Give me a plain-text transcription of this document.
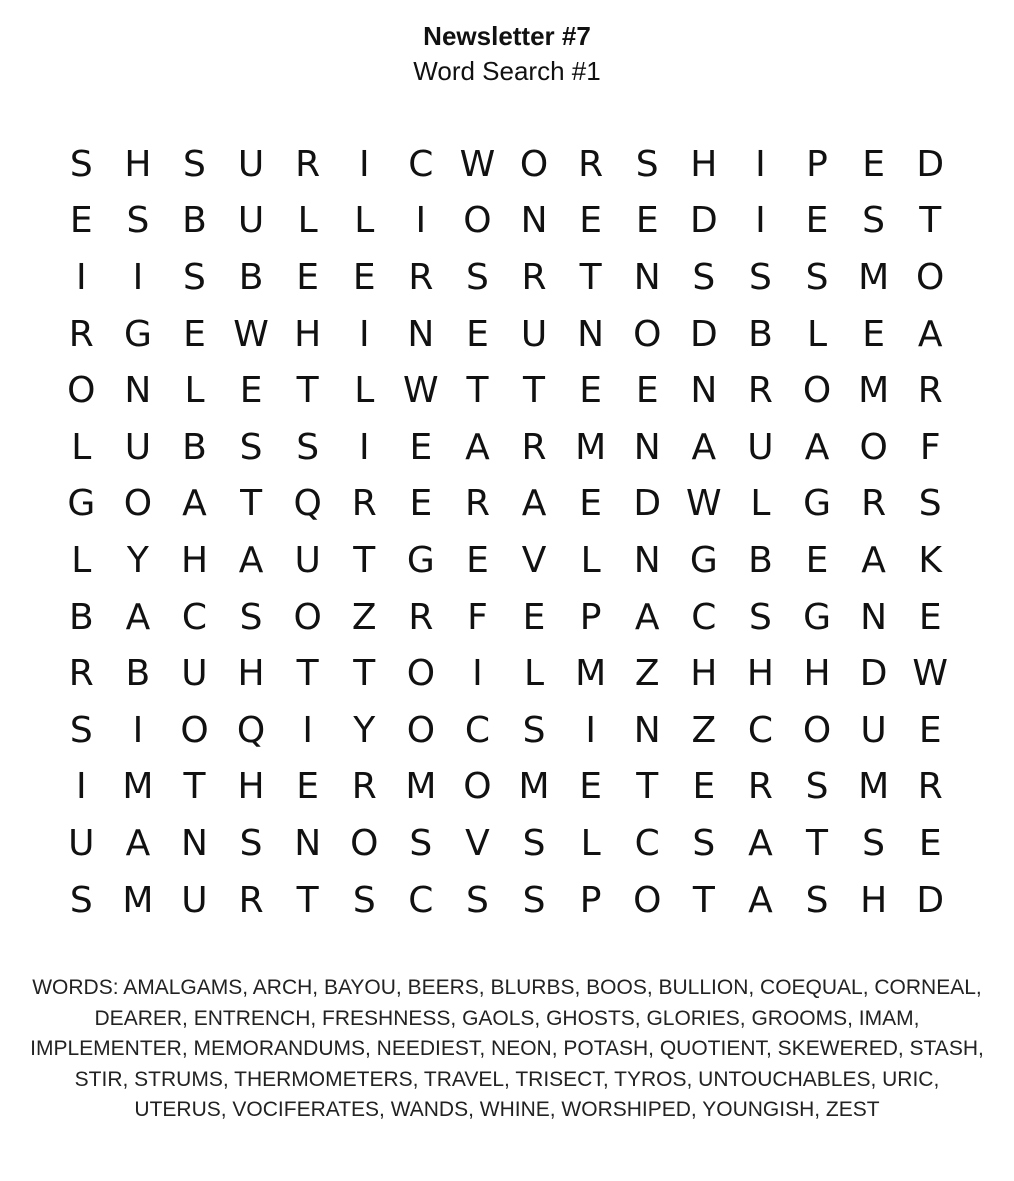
Newsletter #7
Word Search #1
S H S U R	I	C W O R S H	I	P E D
E S B U L	L	I	O N E E D	I	E S T
I	I	S B E E R S R T N S S S M O
R G E W H	I	N E U N O D B L E A
O N L E T L W T T E E N R O M R
L U B S S	I	E A R M N A U A O F
G O A T Q R E R A E D W L G R S
L Y H A U T G E V L N G B E A K
B A C S O Z R F E P A C S G N E
R B U H T T O	I	L M Z H H H D W
S	I	O Q	I	Y O C S	I	N Z C O U E
I M T H E R M O M E T E R S M R
U A N S N O S V S L C S A T S E
S M U R T S C S S P O T A S H D
WORDS: AMALGAMS, ARCH, BAYOU, BEERS, BLURBS, BOOS, BULLION, COEQUAL, CORNEAL, DEARER, ENTRENCH, FRESHNESS, GAOLS, GHOSTS, GLORIES, GROOMS, IMAM, IMPLEMENTER, MEMORANDUMS, NEEDIEST, NEON, POTASH, QUOTIENT, SKEWERED, STASH, STIR, STRUMS, THERMOMETERS, TRAVEL, TRISECT, TYROS, UNTOUCHABLES, URIC, UTERUS, VOCIFERATES, WANDS, WHINE, WORSHIPED, YOUNGISH, ZEST
